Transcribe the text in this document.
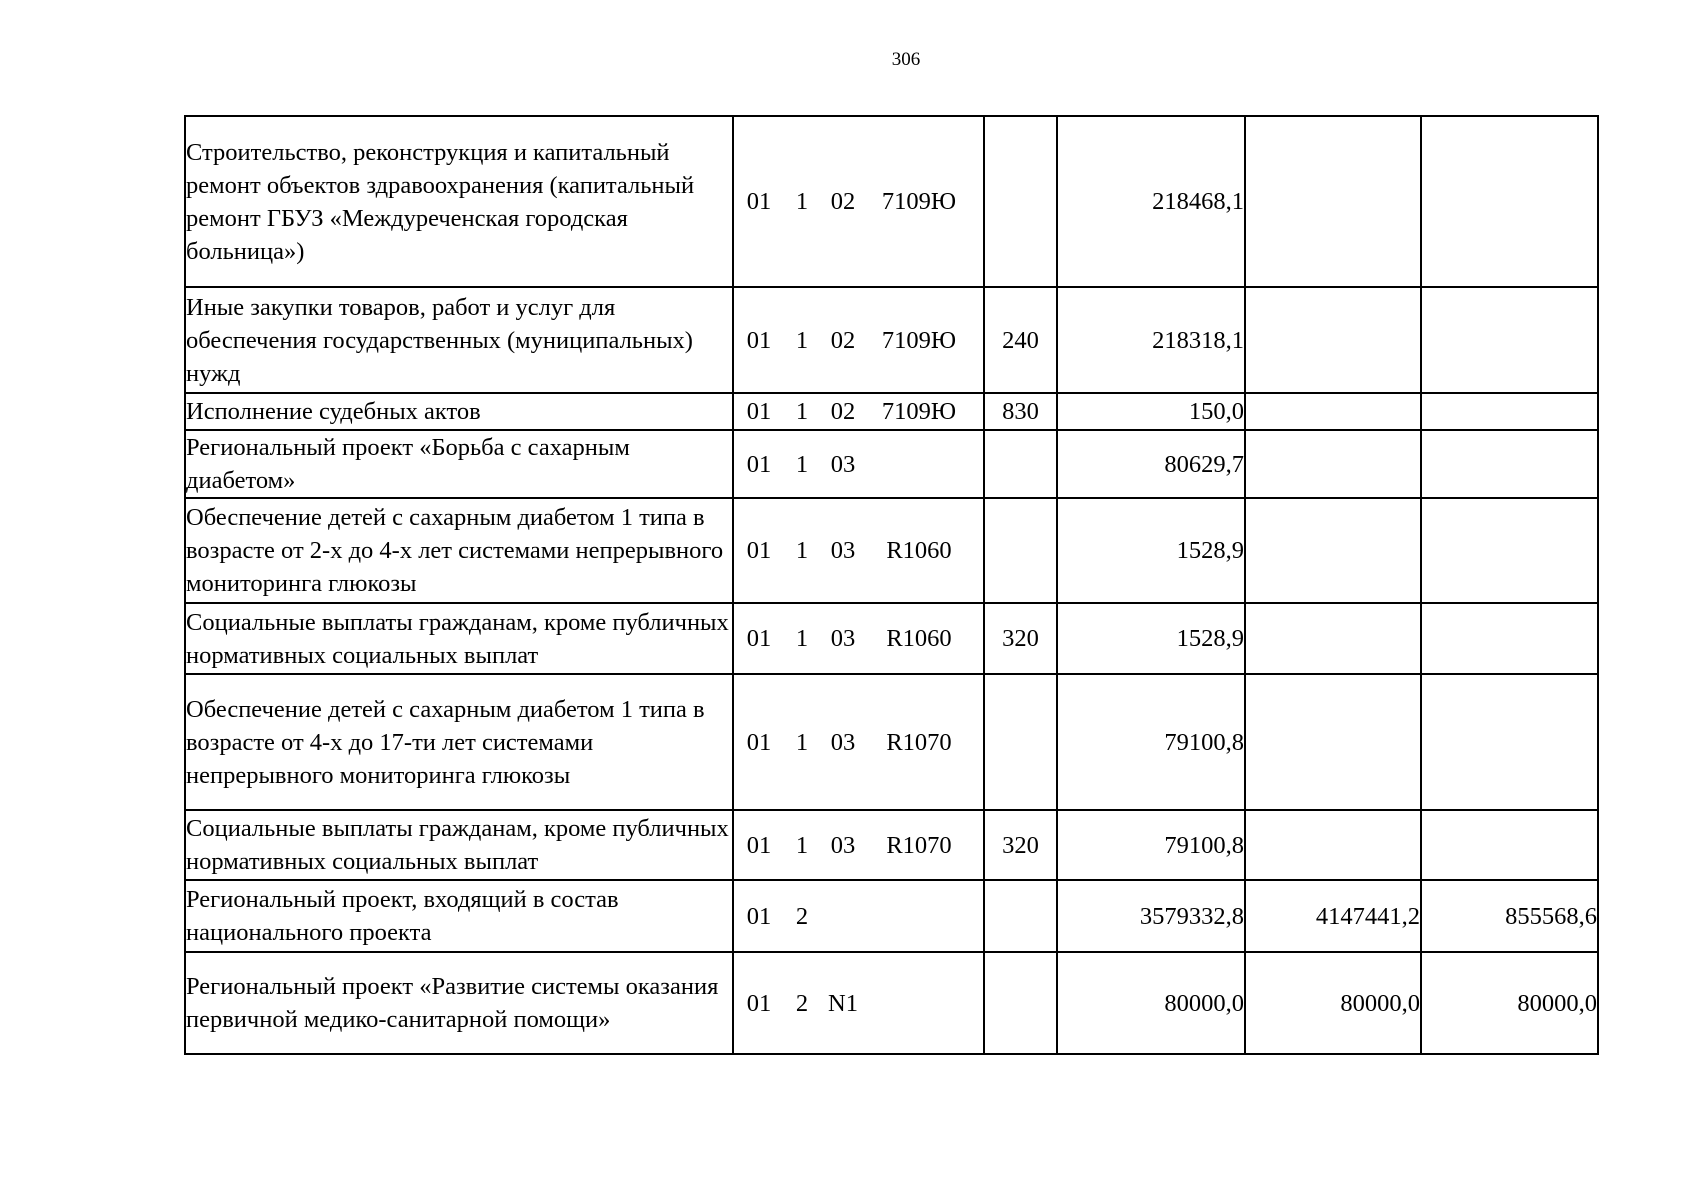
306
Строительство, реконструкция и капитальный ремонт объектов здравоохранения (капитальный ремонт ГБУЗ «Междуреченская городская больница»)	01 1 02 7109Ю		218468,1		
Иные закупки товаров, работ и услуг для обеспечения государственных (муниципальных) нужд	01 1 02 7109Ю	240	218318,1		
Исполнение судебных актов	01 1 02 7109Ю	830	150,0		
Региональный проект «Борьба с сахарным диабетом»	01 1 03		80629,7		
Обеспечение детей с сахарным диабетом 1 типа в возрасте от 2-х до 4-х лет системами непрерывного мониторинга глюкозы	01 1 03 R1060		1528,9		
Социальные выплаты гражданам, кроме публичных нормативных социальных выплат	01 1 03 R1060	320	1528,9		
Обеспечение детей с сахарным диабетом 1 типа в возрасте от 4-х до 17-ти лет системами непрерывного мониторинга глюкозы	01 1 03 R1070		79100,8		
Социальные выплаты гражданам, кроме публичных нормативных социальных выплат	01 1 03 R1070	320	79100,8		
Региональный проект, входящий в состав национального проекта	01 2		3579332,8	4147441,2	855568,6
Региональный проект «Развитие системы оказания первичной медико-санитарной помощи»	01 2 N1		80000,0	80000,0	80000,0
